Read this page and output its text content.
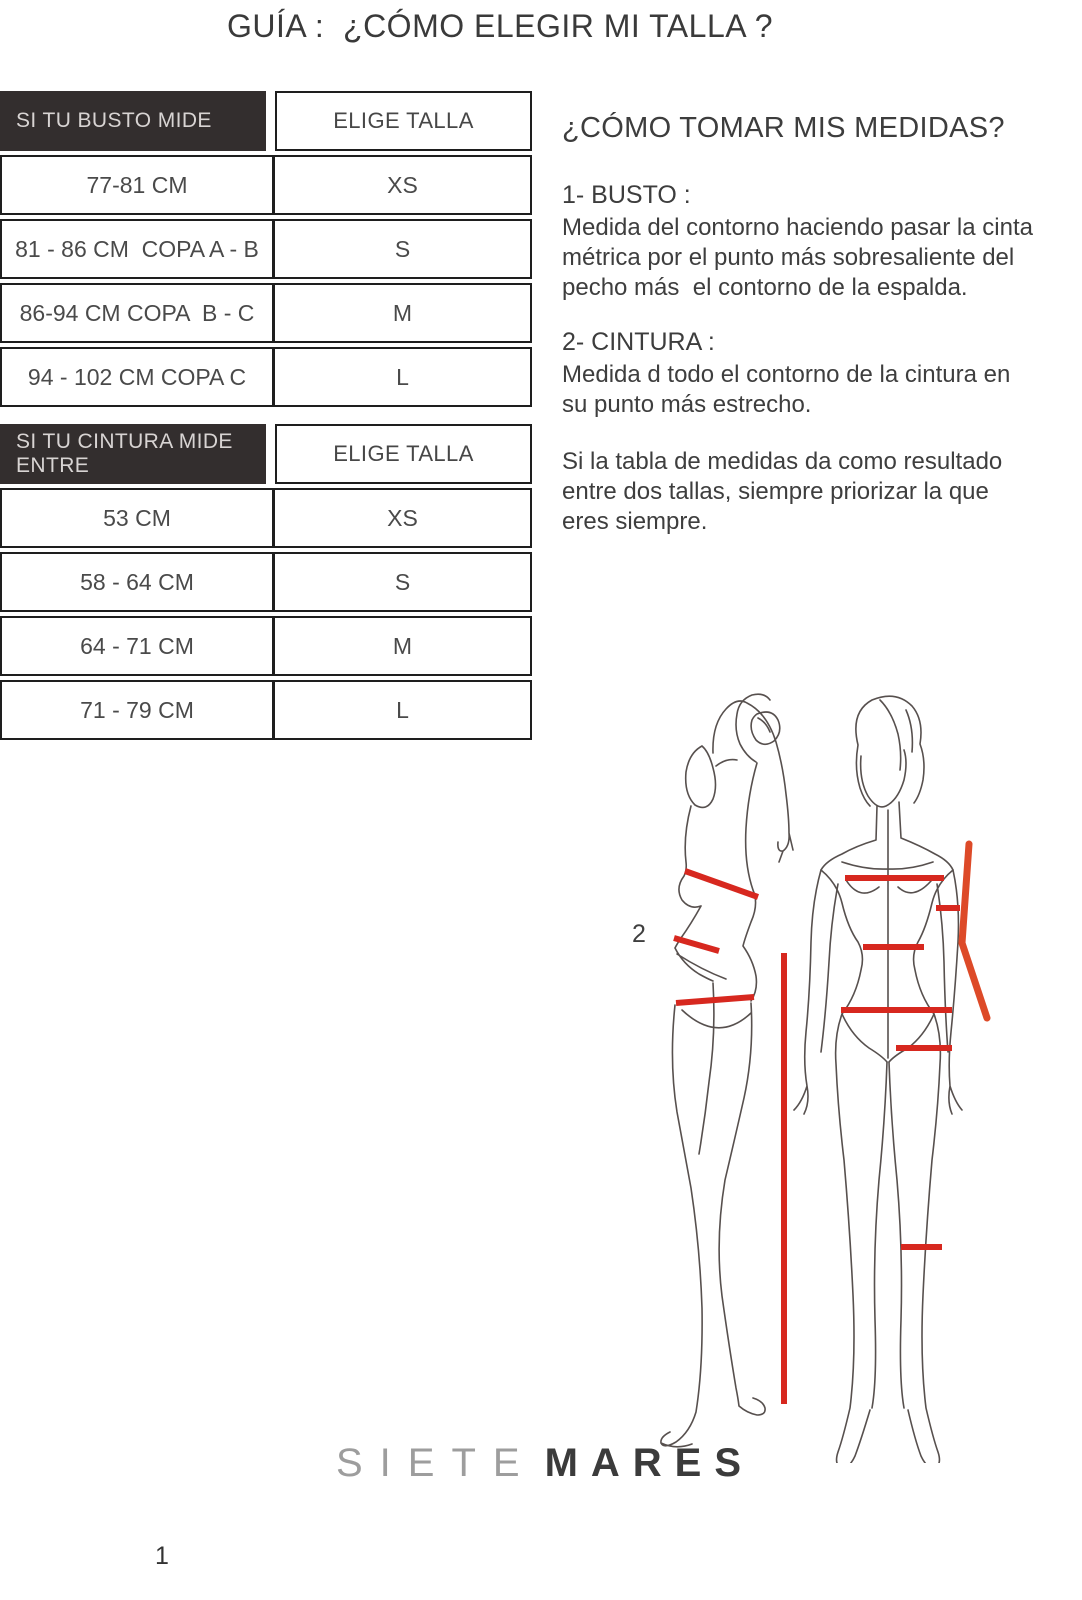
GUÍA :  ¿CÓMO ELEGIR MI TALLA ?
SI TU BUSTO MIDE	ELIGE TALLA
77-81 CM	XS
81 - 86 CM  COPA A - B	S
86-94 CM COPA  B - C	M
94 - 102 CM COPA C	L
SI TU CINTURA MIDE ENTRE	ELIGE TALLA
53 CM	XS
58 - 64 CM	S
64 - 71 CM	M
71 - 79 CM	L
¿CÓMO TOMAR MIS MEDIDAS?
1- BUSTO :
Medida del contorno haciendo pasar la cinta métrica por el punto más sobresaliente del pecho más  el contorno de la espalda.
2- CINTURA :
Medida d todo el contorno de la cintura en su punto más estrecho.
Si la tabla de medidas da como resultado entre dos tallas, siempre priorizar la que eres siempre.
2
SIETE MARES
1
